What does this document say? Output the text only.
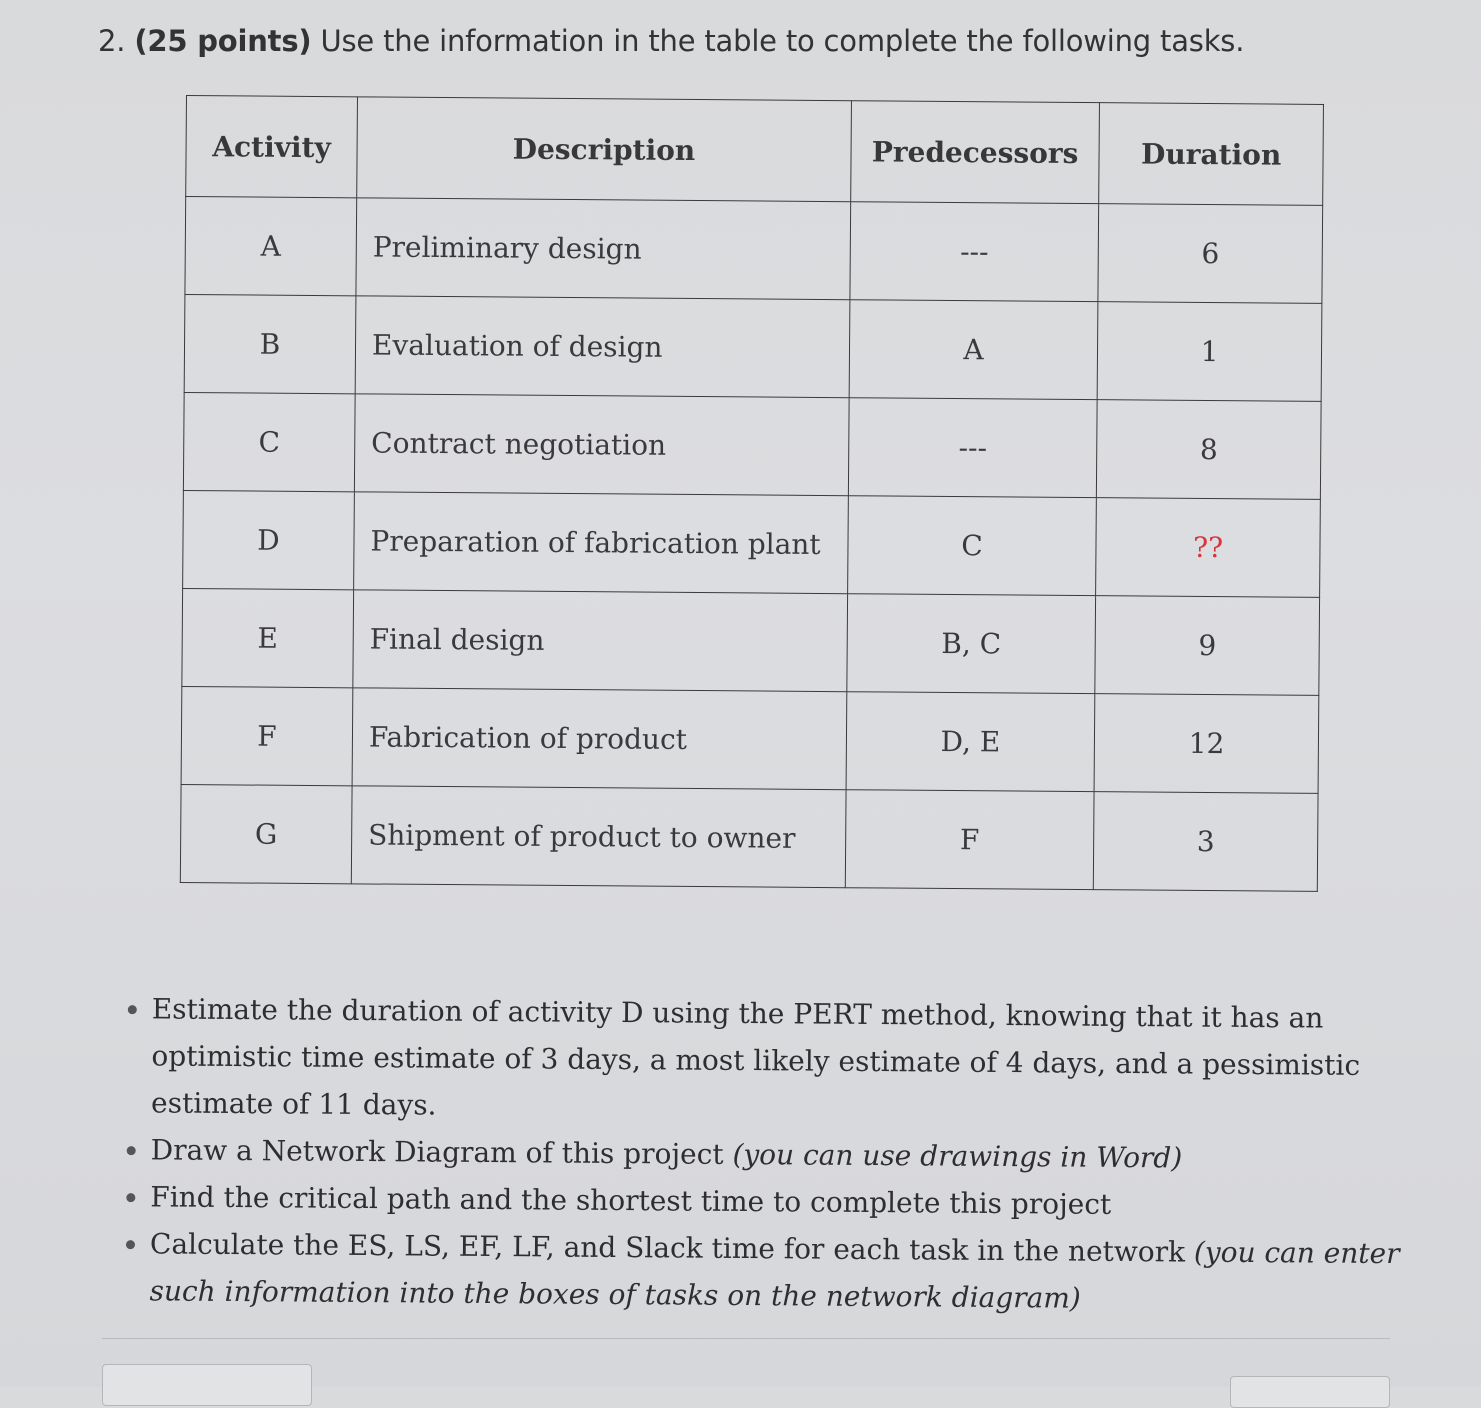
2. (25 points) Use the information in the table to complete the following tasks.
Activity	Description	Predecessors	Duration
A	Preliminary design	---	6
B	Evaluation of design	A	1
C	Contract negotiation	---	8
D	Preparation of fabrication plant	C	??
E	Final design	B, C	9
F	Fabrication of product	D, E	12
G	Shipment of product to owner	F	3
• Estimate the duration of activity D using the PERT method, knowing that it has an optimistic time estimate of 3 days, a most likely estimate of 4 days, and a pessimistic estimate of 11 days.
• Draw a Network Diagram of this project (you can use drawings in Word)
• Find the critical path and the shortest time to complete this project
• Calculate the ES, LS, EF, LF, and Slack time for each task in the network (you can enter such information into the boxes of tasks on the network diagram)
